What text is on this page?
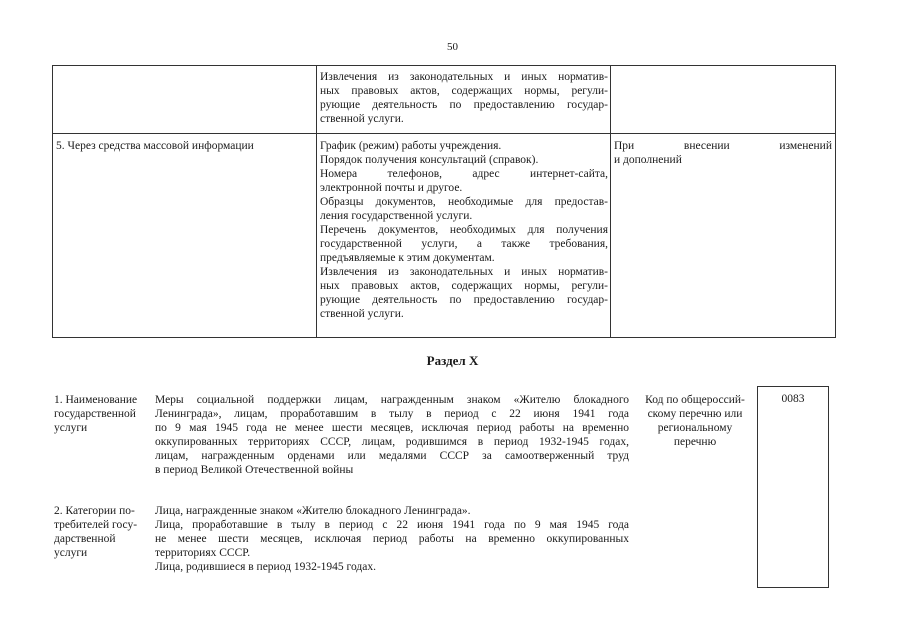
50
Извлечения из законодательных и иных норматив-
ных правовых актов, содержащих нормы, регули-
рующие деятельность по предоставлению государ-
ственной услуги.
5. Через средства массовой информации	График (режим) работы учреждения.
Порядок получения консультаций (справок).
Номера телефонов, адрес интернет-сайта,
электронной почты и другое.
Образцы документов, необходимые для предостав-
ления государственной услуги.
Перечень документов, необходимых для получения
государственной услуги, а также требования,
предъявляемые к этим документам.
Извлечения из законодательных и иных норматив-
ных правовых актов, содержащих нормы, регули-
рующие деятельность по предоставлению государ-
ственной услуги.
При внесении изменений
и дополнений
Раздел X
1. Наименование
государственной
услуги
Меры социальной поддержки лицам, награжденным знаком «Жителю блокадного
Ленинграда», лицам, проработавшим в тылу в период с 22 июня 1941 года
по 9 мая 1945 года не менее шести месяцев, исключая период работы на временно
оккупированных территориях СССР, лицам, родившимся в период 1932-1945 годах,
лицам, награжденным орденами или медалями СССР за самоотверженный труд
в период Великой Отечественной войны
Код по общероссий-
скому перечню или
региональному
перечню
0083
2. Категории по-
требителей госу-
дарственной
услуги
Лица, награжденные знаком «Жителю блокадного Ленинграда».
Лица, проработавшие в тылу в период с 22 июня 1941 года по 9 мая 1945 года
не менее шести месяцев, исключая период работы на временно оккупированных
территориях СССР.
Лица, родившиеся в период 1932-1945 годах.
